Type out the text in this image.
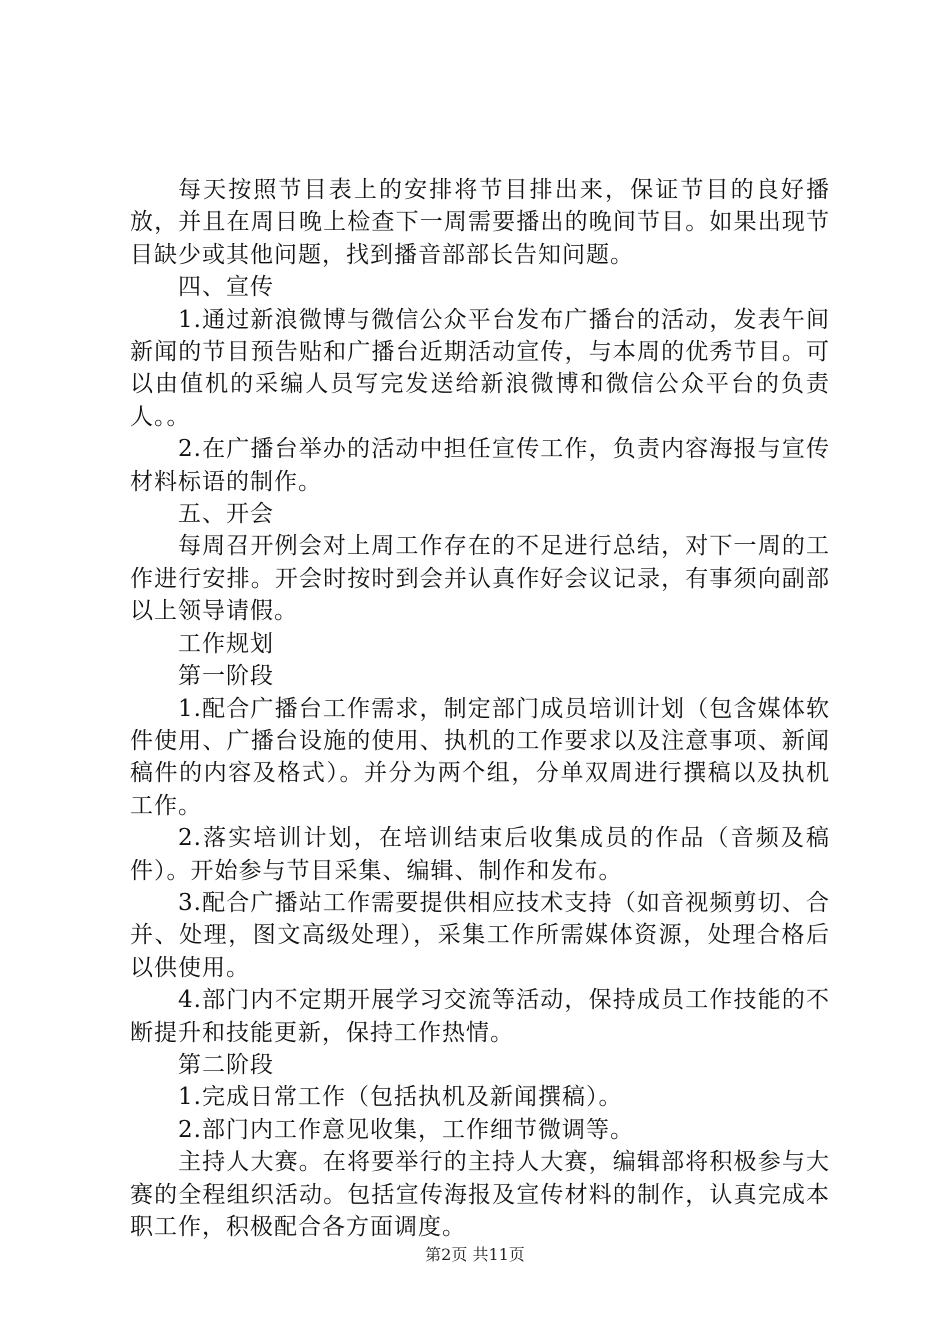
每天按照节目表上的安排将节目排出来，保证节目的良好播放，并且在周日晚上检查下一周需要播出的晚间节目。如果出现节目缺少或其他问题，找到播音部部长告知问题。

四、宣传

1.通过新浪微博与微信公众平台发布广播台的活动，发表午间新闻的节目预告贴和广播台近期活动宣传，与本周的优秀节目。可以由值机的采编人员写完发送给新浪微博和微信公众平台的负责人。。

2.在广播台举办的活动中担任宣传工作，负责内容海报与宣传材料标语的制作。

五、开会

每周召开例会对上周工作存在的不足进行总结，对下一周的工作进行安排。开会时按时到会并认真作好会议记录，有事须向副部以上领导请假。

工作规划

第一阶段

1.配合广播台工作需求，制定部门成员培训计划（包含媒体软件使用、广播台设施的使用、执机的工作要求以及注意事项、新闻稿件的内容及格式）。并分为两个组，分单双周进行撰稿以及执机工作。

2.落实培训计划，在培训结束后收集成员的作品（音频及稿件）。开始参与节目采集、编辑、制作和发布。

3.配合广播站工作需要提供相应技术支持（如音视频剪切、合并、处理，图文高级处理），采集工作所需媒体资源，处理合格后以供使用。

4.部门内不定期开展学习交流等活动，保持成员工作技能的不断提升和技能更新，保持工作热情。

第二阶段

1.完成日常工作（包括执机及新闻撰稿）。

2.部门内工作意见收集，工作细节微调等。

主持人大赛。在将要举行的主持人大赛，编辑部将积极参与大赛的全程组织活动。包括宣传海报及宣传材料的制作，认真完成本职工作，积极配合各方面调度。

第2页 共11页
